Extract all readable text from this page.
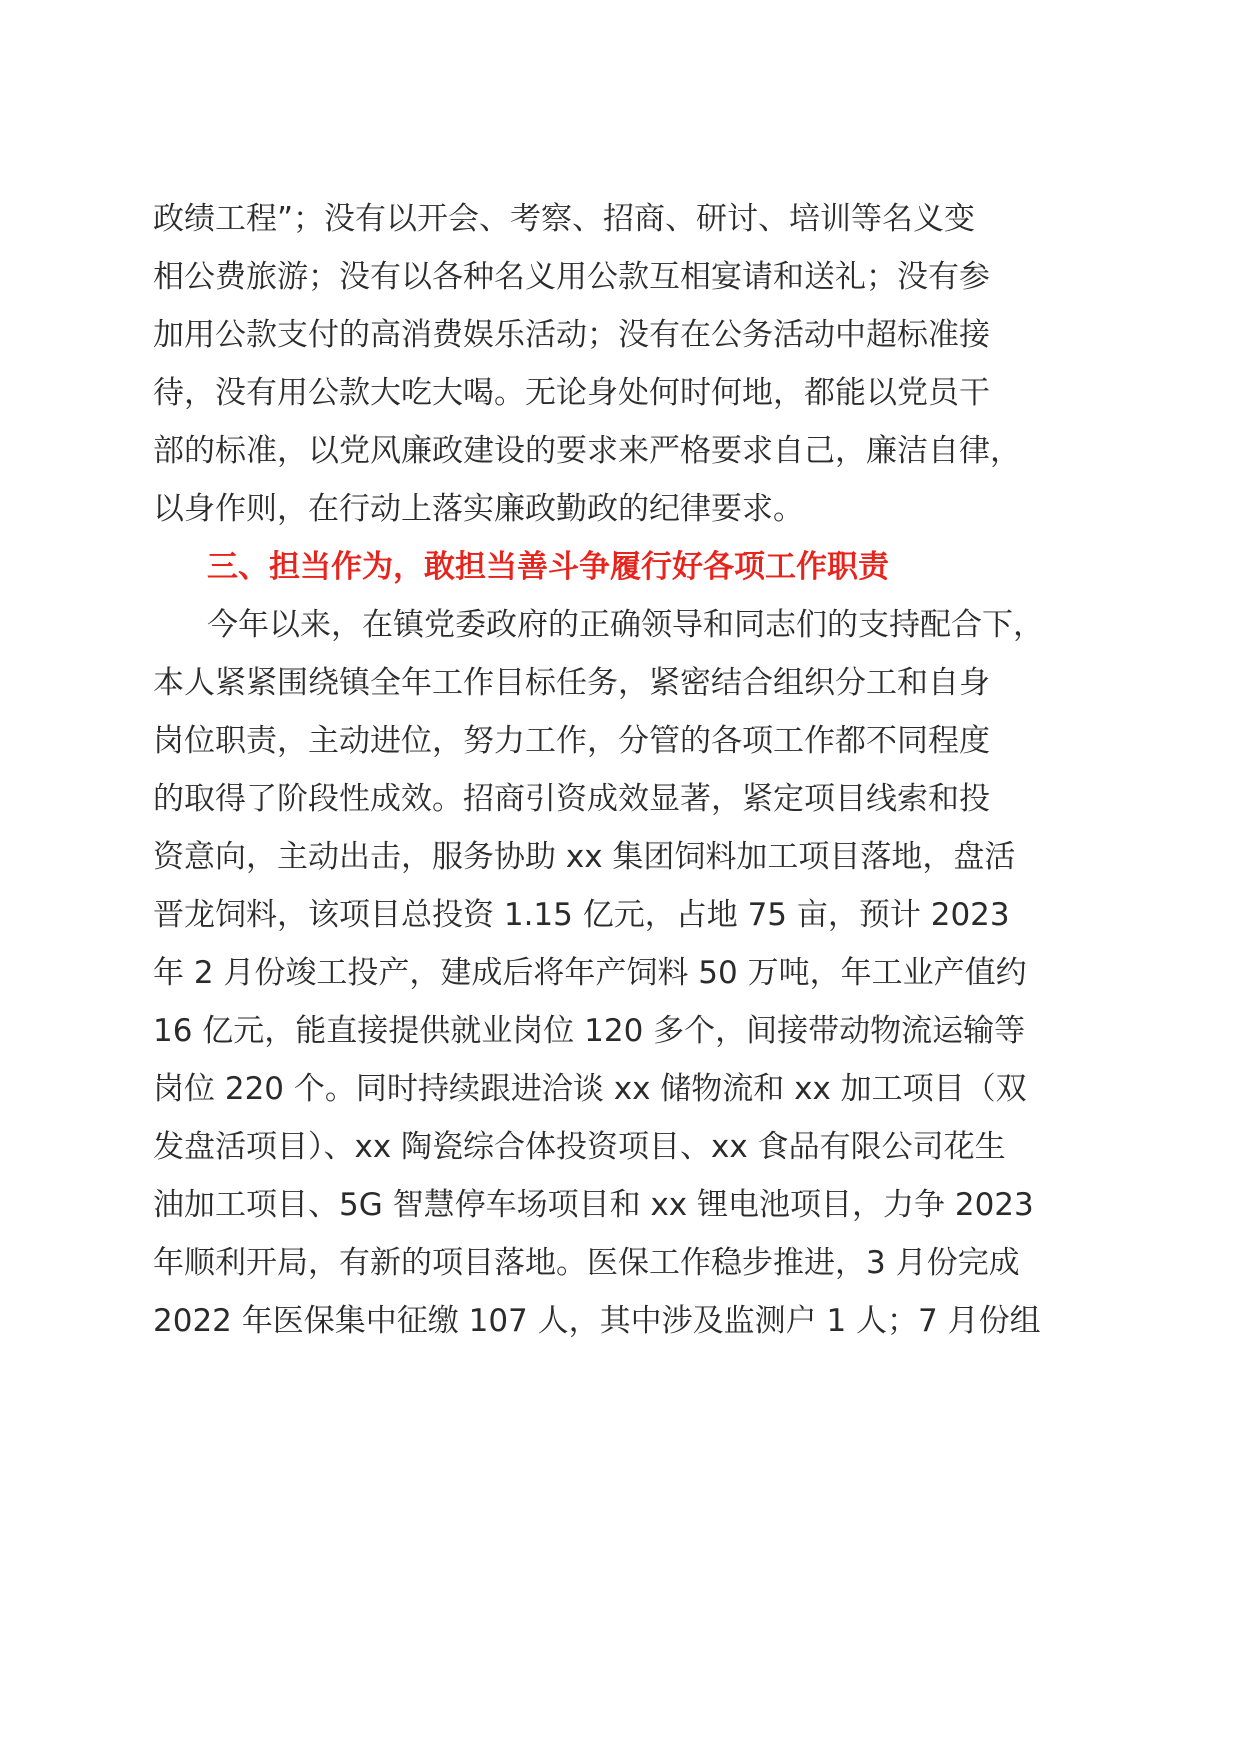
政绩工程”；没有以开会、考察、招商、研讨、培训等名义变
相公费旅游；没有以各种名义用公款互相宴请和送礼；没有参
加用公款支付的高消费娱乐活动；没有在公务活动中超标准接
待，没有用公款大吃大喝。无论身处何时何地，都能以党员干
部的标准，以党风廉政建设的要求来严格要求自己，廉洁自律，
以身作则，在行动上落实廉政勤政的纪律要求。
三、担当作为，敢担当善斗争履行好各项工作职责
今年以来，在镇党委政府的正确领导和同志们的支持配合下，
本人紧紧围绕镇全年工作目标任务，紧密结合组织分工和自身
岗位职责，主动进位，努力工作，分管的各项工作都不同程度
的取得了阶段性成效。招商引资成效显著，紧定项目线索和投
资意向，主动出击，服务协助 xx 集团饲料加工项目落地，盘活
晋龙饲料，该项目总投资 1.15 亿元，占地 75 亩，预计 2023
年 2 月份竣工投产，建成后将年产饲料 50 万吨，年工业产值约
16 亿元，能直接提供就业岗位 120 多个，间接带动物流运输等
岗位 220 个。同时持续跟进洽谈 xx 储物流和 xx 加工项目（双
发盘活项目）、xx 陶瓷综合体投资项目、xx 食品有限公司花生
油加工项目、5G 智慧停车场项目和 xx 锂电池项目，力争 2023
年顺利开局，有新的项目落地。医保工作稳步推进，3 月份完成
2022 年医保集中征缴 107 人，其中涉及监测户 1 人；7 月份组
